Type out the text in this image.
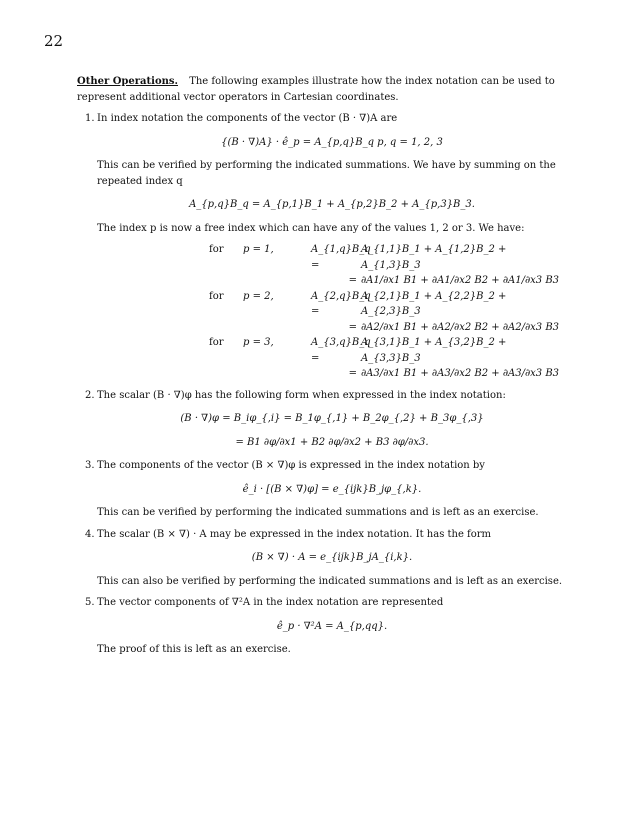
22
Other Operations. The following examples illustrate how the index notation can be used to represent additional vector operators in Cartesian coordinates.
1. In index notation the components of the vector (B · ∇)A are
{(B · ∇)A} · ê_p = A_{p,q}B_q p, q = 1, 2, 3
This can be verified by performing the indicated summations. We have by summing on the repeated index q
A_{p,q}B_q = A_{p,1}B_1 + A_{p,2}B_2 + A_{p,3}B_3.
The index p is now a free index which can have any of the values 1, 2 or 3. We have:
for	p = 1,	A_{1,q}B_q =
A_{1,1}B_1 + A_{1,2}B_2 + A_{1,3}B_3
= ∂A1/∂x1 B1 + ∂A1/∂x2 B2 + ∂A1/∂x3 B3
for	p = 2,	A_{2,q}B_q =
A_{2,1}B_1 + A_{2,2}B_2 + A_{2,3}B_3
= ∂A2/∂x1 B1 + ∂A2/∂x2 B2 + ∂A2/∂x3 B3
for	p = 3,	A_{3,q}B_q =
A_{3,1}B_1 + A_{3,2}B_2 + A_{3,3}B_3
= ∂A3/∂x1 B1 + ∂A3/∂x2 B2 + ∂A3/∂x3 B3
2. The scalar (B · ∇)φ has the following form when expressed in the index notation:
(B · ∇)φ = B_iφ_{,i} = B_1φ_{,1} + B_2φ_{,2} + B_3φ_{,3}
= B1 ∂φ/∂x1 + B2 ∂φ/∂x2 + B3 ∂φ/∂x3.
3. The components of the vector (B × ∇)φ is expressed in the index notation by
ê_i · [(B × ∇)φ] = e_{ijk}B_jφ_{,k}.
This can be verified by performing the indicated summations and is left as an exercise.
4. The scalar (B × ∇) · A may be expressed in the index notation. It has the form
(B × ∇) · A = e_{ijk}B_jA_{i,k}.
This can also be verified by performing the indicated summations and is left as an exercise.
5. The vector components of ∇²A in the index notation are represented
ê_p · ∇²A = A_{p,qq}.
The proof of this is left as an exercise.
